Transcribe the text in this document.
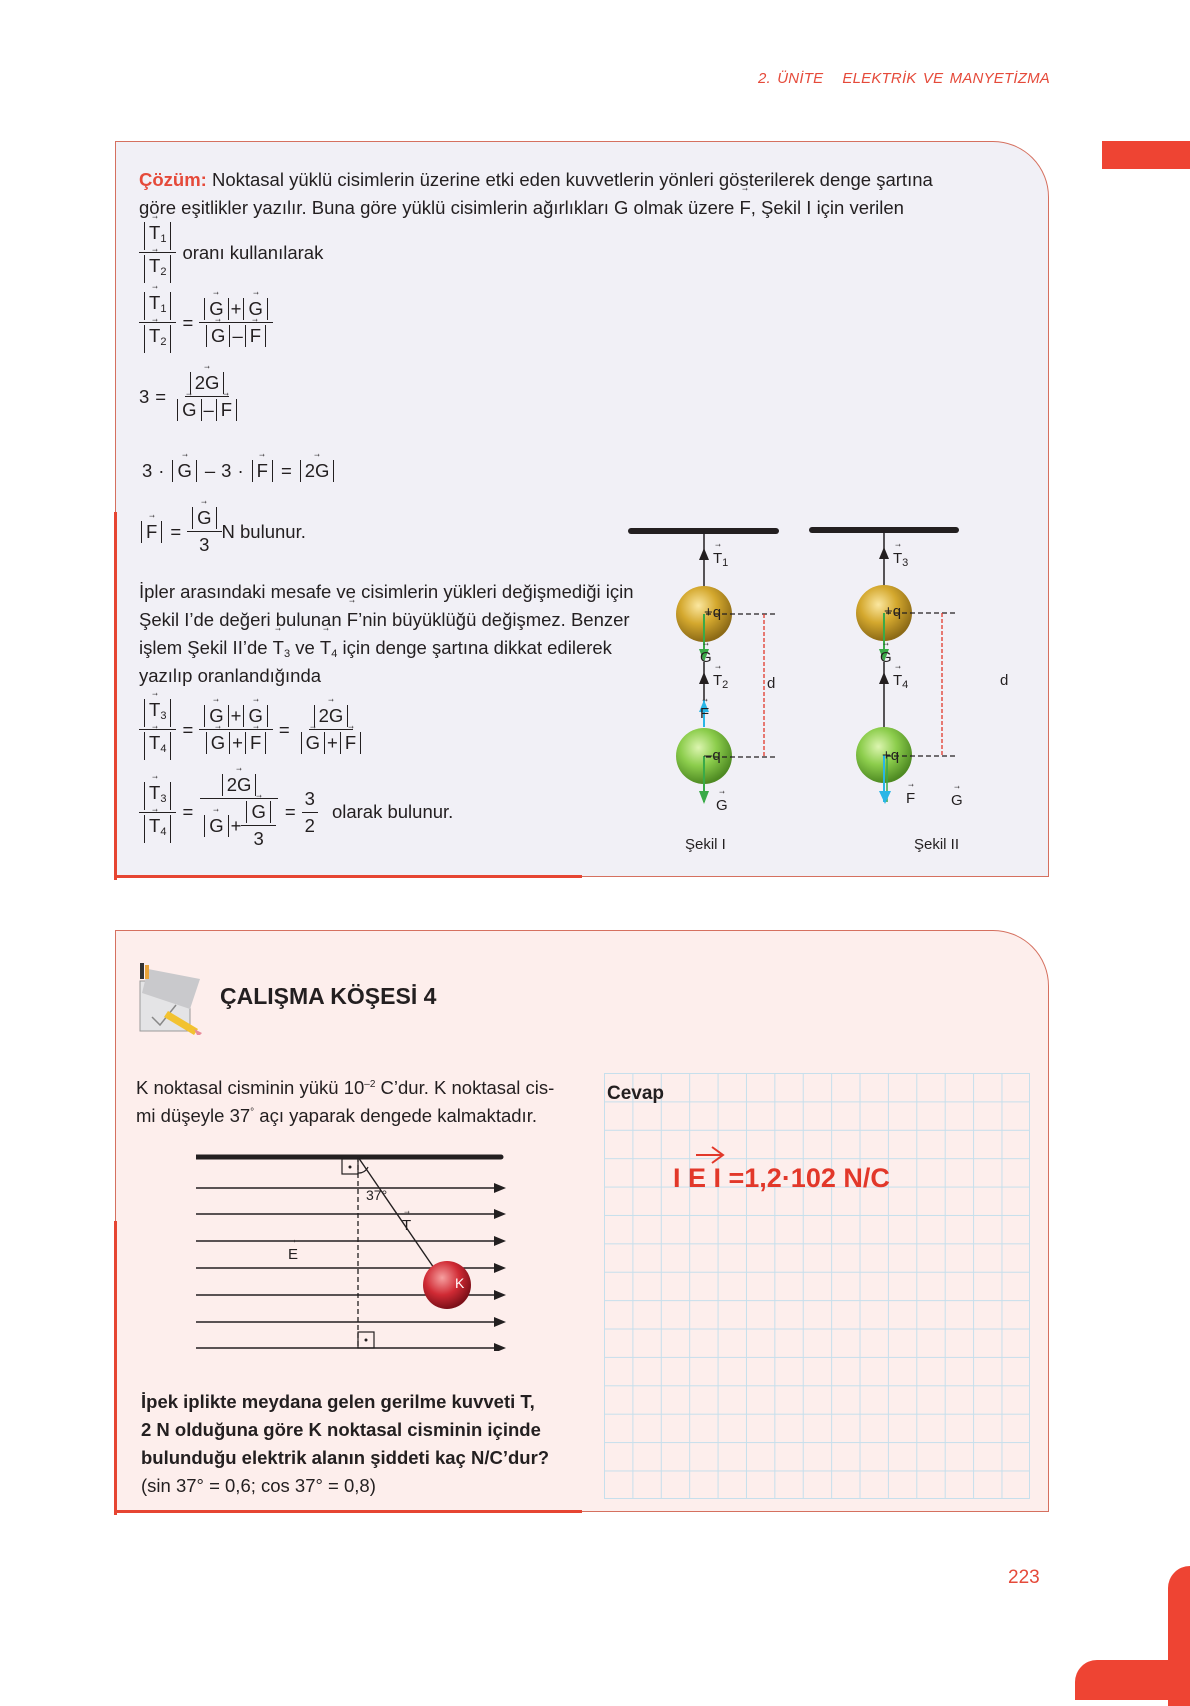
2. ÜNİTE ELEKTRİK VE MANYETİZMA
Çözüm: Noktasal yüklü cisimlerin üzerine etki eden kuvvetlerin yönleri gösterilerek denge şartına
göre eşitlikler yazılır. Buna göre yüklü cisimlerin ağırlıkları G olmak üzere → F, Şekil I için verilen
→ $T_1$
→ $T_2$ oranı kullanılarak
→ $T_1$
→ $T_2$ = → G + → G
→ G – → F
3 = → 2G
→ G – → F
3 · → G – 3 · → F = → 2G
→ F = → $\frac{G}{3}$ N bulunur.
İpler arasındaki mesafe ve cisimlerin yükleri değişmediği için
Şekil I’de değeri bulunan → F’nin büyüklüğü değişmez. Benzer
işlem Şekil II’de → $T_3$ ve → $T_4$ için denge şartına dikkat edilerek
yazılıp oranlandığında
→ $T_3$
→ $T_4$ = → G + → G
→ G + → F = → 2G
→ G + → F
→ $T_3$
→ $T_4$ = → 2G
→ G + → $\frac{G}{3} = \frac{3}{2}$ olarak bulunur.
→ $T_1$
+q
→ G
→ $T_2$	d
→ F
–q
→ G
Şekil I
→ $T_3$
+q
→ G
→ $T_4$	d
+q
→ F → G
Şekil II
ÇALIŞMA KÖŞESİ 4
K noktasal cisminin yükü $10^{-2}$ C’dur. K noktasal cis-
mi düşeyle 37° açı yaparak dengede kalmaktadır.
37°
→ T
→ E
K
İpek iplikte meydana gelen gerilme kuvveti T,
2 N olduğuna göre K noktasal cisminin içinde
bulunduğu elektrik alanın şiddeti kaç N/C’dur?
(sin 37° = 0,6; cos 37° = 0,8)
Cevap
I E I =1,2·102 N/C
223
